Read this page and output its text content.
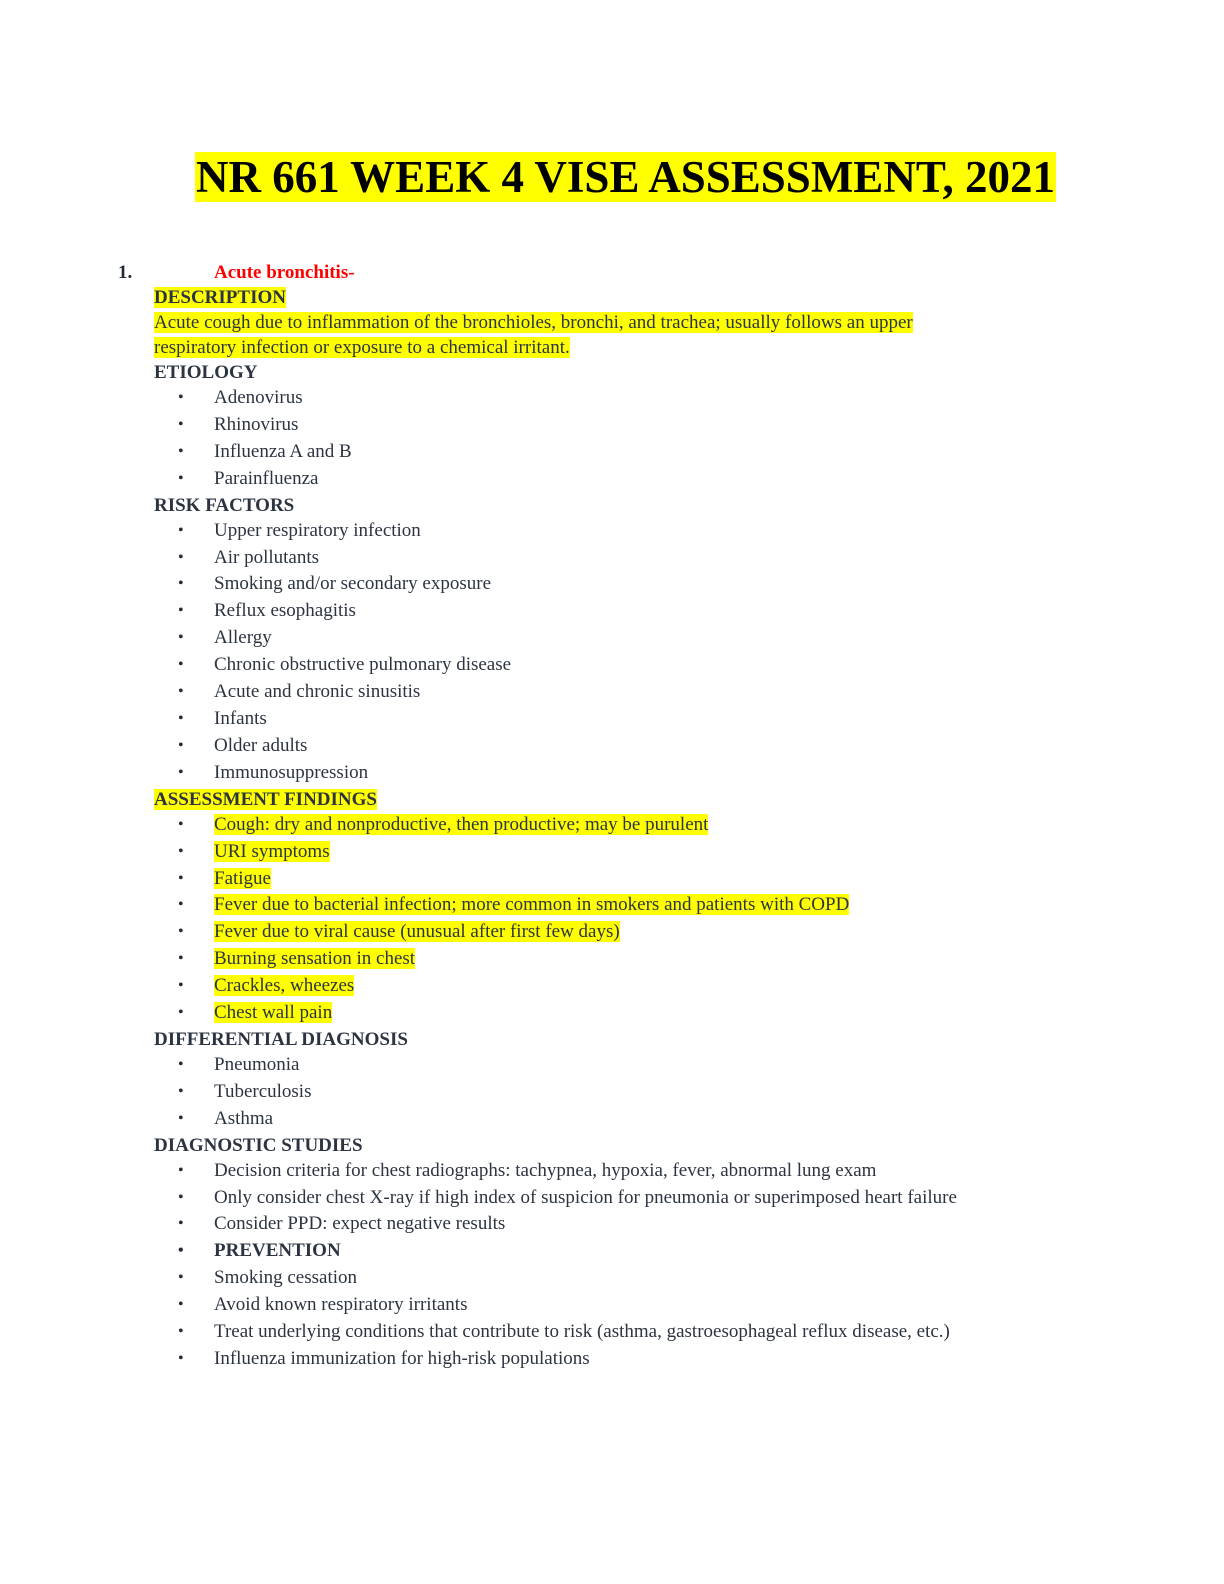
NR 661 WEEK 4 VISE ASSESSMENT, 2021
1.	Acute bronchitis-
DESCRIPTION
Acute cough due to inflammation of the bronchioles, bronchi, and trachea; usually follows an upper
respiratory infection or exposure to a chemical irritant.
ETIOLOGY
• Adenovirus
• Rhinovirus
• Influenza A and B
• Parainfluenza
RISK FACTORS
• Upper respiratory infection
• Air pollutants
• Smoking and/or secondary exposure
• Reflux esophagitis
• Allergy
• Chronic obstructive pulmonary disease
• Acute and chronic sinusitis
• Infants
• Older adults
• Immunosuppression
ASSESSMENT FINDINGS
• Cough: dry and nonproductive, then productive; may be purulent
• URI symptoms
• Fatigue
• Fever due to bacterial infection; more common in smokers and patients with COPD
• Fever due to viral cause (unusual after first few days)
• Burning sensation in chest
• Crackles, wheezes
• Chest wall pain
DIFFERENTIAL DIAGNOSIS
• Pneumonia
• Tuberculosis
• Asthma
DIAGNOSTIC STUDIES
• Decision criteria for chest radiographs: tachypnea, hypoxia, fever, abnormal lung exam
• Only consider chest X-ray if high index of suspicion for pneumonia or superimposed heart failure
• Consider PPD: expect negative results
• PREVENTION
• Smoking cessation
• Avoid known respiratory irritants
• Treat underlying conditions that contribute to risk (asthma, gastroesophageal reflux disease, etc.)
• Influenza immunization for high-risk populations
